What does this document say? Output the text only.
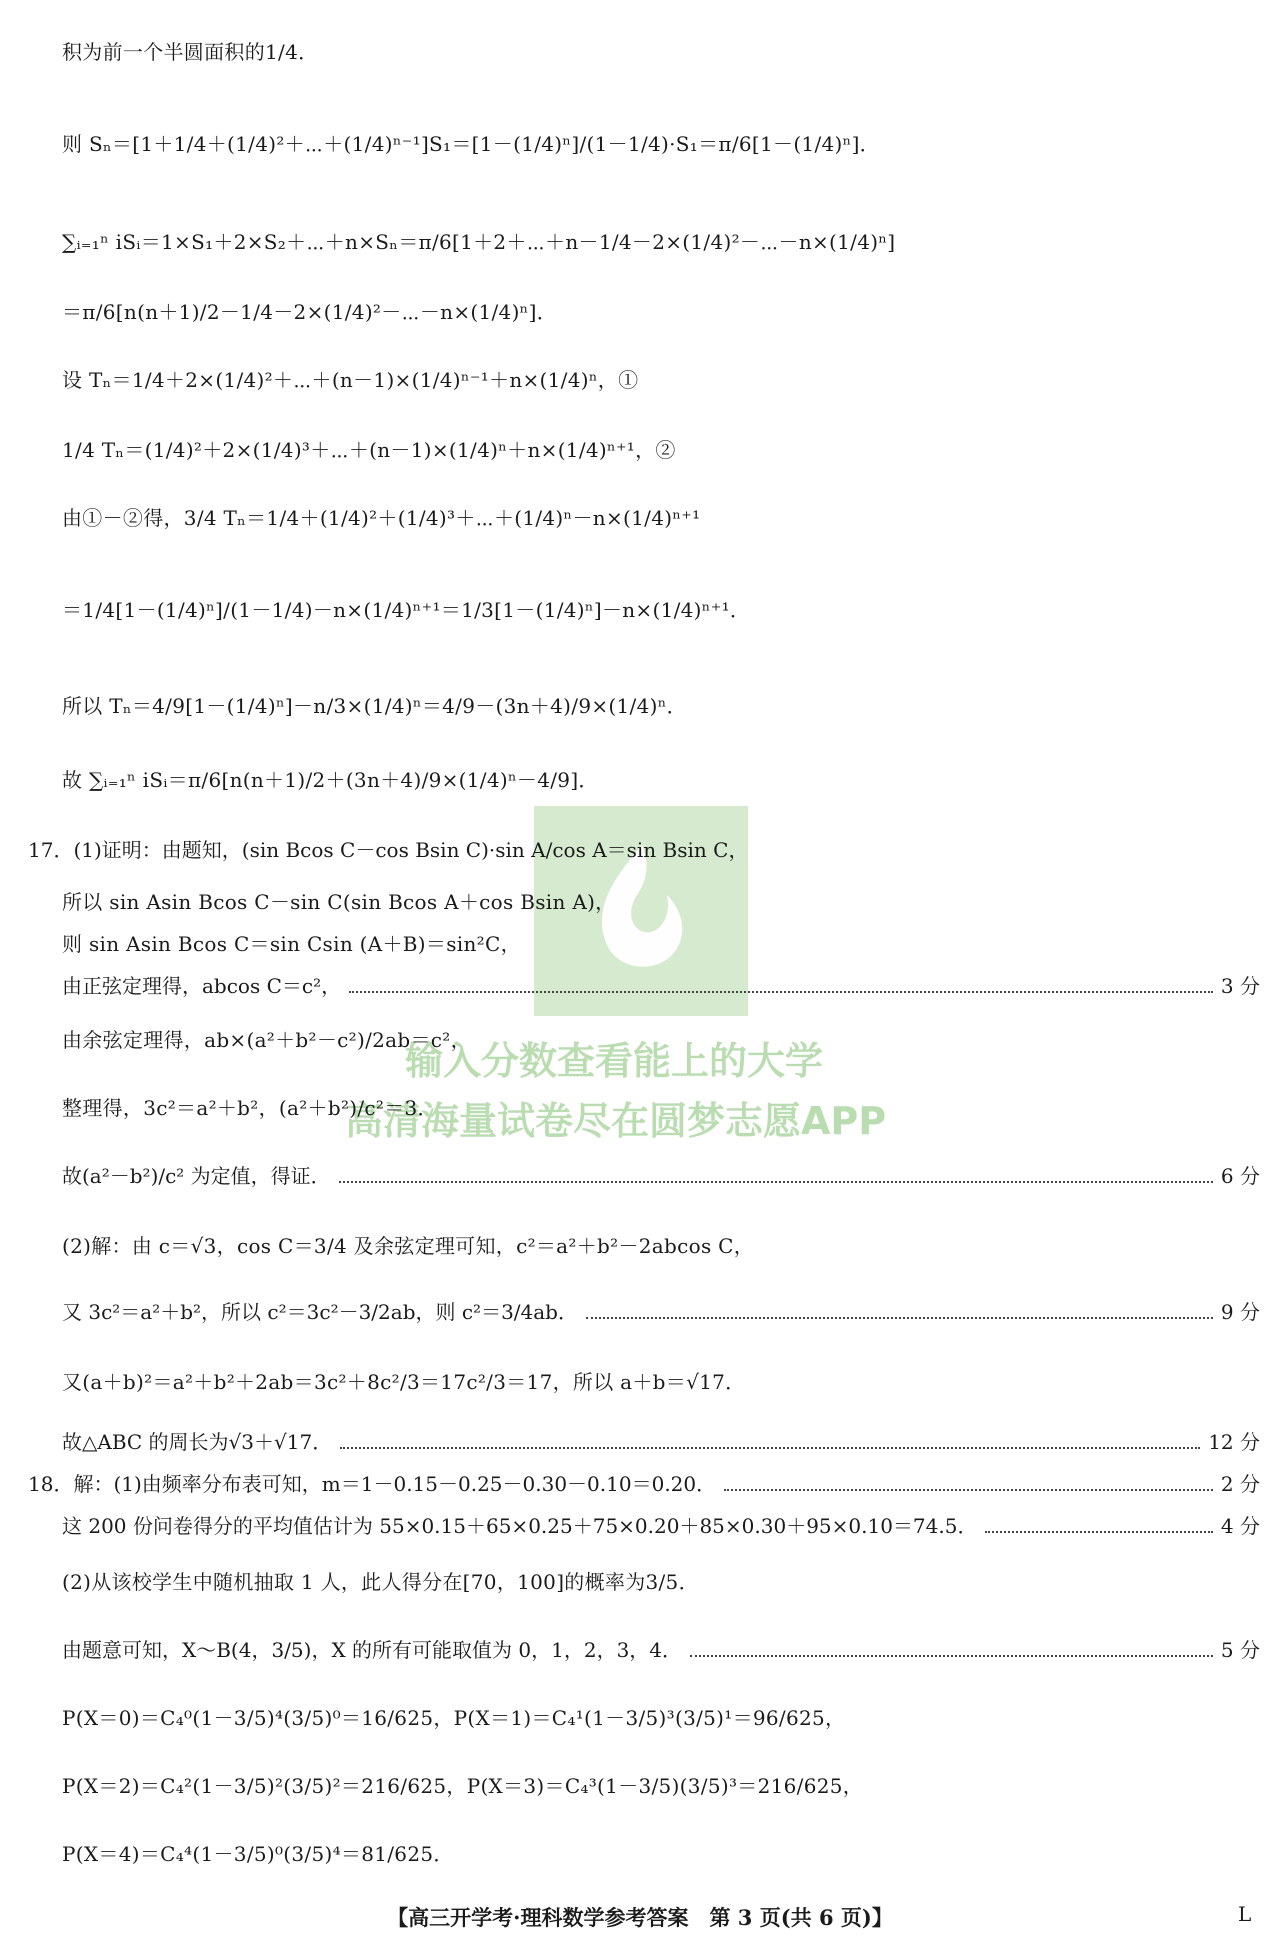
输入分数查看能上的大学
高清海量试卷尽在圆梦志愿APP
积为前一个半圆面积的1/4．
则 Sₙ＝[1＋1/4＋(1/4)²＋⋯＋(1/4)ⁿ⁻¹]S₁＝[1－(1/4)ⁿ]/(1－1/4)·S₁＝π/6[1－(1/4)ⁿ]．
∑ᵢ₌₁ⁿ iSᵢ＝1×S₁＋2×S₂＋⋯＋n×Sₙ＝π/6[1＋2＋⋯＋n－1/4－2×(1/4)²－⋯－n×(1/4)ⁿ]
＝π/6[n(n＋1)/2－1/4－2×(1/4)²－⋯－n×(1/4)ⁿ]．
设 Tₙ＝1/4＋2×(1/4)²＋⋯＋(n－1)×(1/4)ⁿ⁻¹＋n×(1/4)ⁿ，①
1/4 Tₙ＝(1/4)²＋2×(1/4)³＋⋯＋(n－1)×(1/4)ⁿ＋n×(1/4)ⁿ⁺¹，②
由①－②得，3/4 Tₙ＝1/4＋(1/4)²＋(1/4)³＋⋯＋(1/4)ⁿ－n×(1/4)ⁿ⁺¹
＝1/4[1－(1/4)ⁿ]/(1－1/4)－n×(1/4)ⁿ⁺¹＝1/3[1－(1/4)ⁿ]－n×(1/4)ⁿ⁺¹．
所以 Tₙ＝4/9[1－(1/4)ⁿ]－n/3×(1/4)ⁿ＝4/9－(3n＋4)/9×(1/4)ⁿ．
故 ∑ᵢ₌₁ⁿ iSᵢ＝π/6[n(n＋1)/2＋(3n＋4)/9×(1/4)ⁿ－4/9]．
17．(1)证明：由题知，(sin Bcos C－cos Bsin C)·sin A/cos A＝sin Bsin C，
所以 sin Asin Bcos C－sin C(sin Bcos A＋cos Bsin A)，
则 sin Asin Bcos C＝sin Csin (A＋B)＝sin²C，
由正弦定理得，abcos C＝c²，	3 分
由余弦定理得，ab×(a²＋b²－c²)/2ab＝c²，
整理得，3c²＝a²＋b²，(a²＋b²)/c²＝3．
故(a²－b²)/c² 为定值，得证．	6 分
(2)解：由 c＝√3，cos C＝3/4 及余弦定理可知，c²＝a²＋b²－2abcos C，
又 3c²＝a²＋b²，所以 c²＝3c²－3/2ab，则 c²＝3/4ab．	9 分
又(a＋b)²＝a²＋b²＋2ab＝3c²＋8c²/3＝17c²/3＝17，所以 a＋b＝√17．
故△ABC 的周长为√3＋√17．	12 分
18．解：(1)由频率分布表可知，m＝1－0.15－0.25－0.30－0.10＝0.20．	2 分
这 200 份问卷得分的平均值估计为 55×0.15＋65×0.25＋75×0.20＋85×0.30＋95×0.10＝74.5．	4 分
(2)从该校学生中随机抽取 1 人，此人得分在[70，100]的概率为3/5．
由题意可知，X～B(4，3/5)，X 的所有可能取值为 0，1，2，3，4．	5 分
P(X＝0)＝C₄⁰(1－3/5)⁴(3/5)⁰＝16/625，P(X＝1)＝C₄¹(1－3/5)³(3/5)¹＝96/625，
P(X＝2)＝C₄²(1－3/5)²(3/5)²＝216/625，P(X＝3)＝C₄³(1－3/5)(3/5)³＝216/625，
P(X＝4)＝C₄⁴(1－3/5)⁰(3/5)⁴＝81/625．
【高三开学考·理科数学参考答案　第 3 页(共 6 页)】	L
